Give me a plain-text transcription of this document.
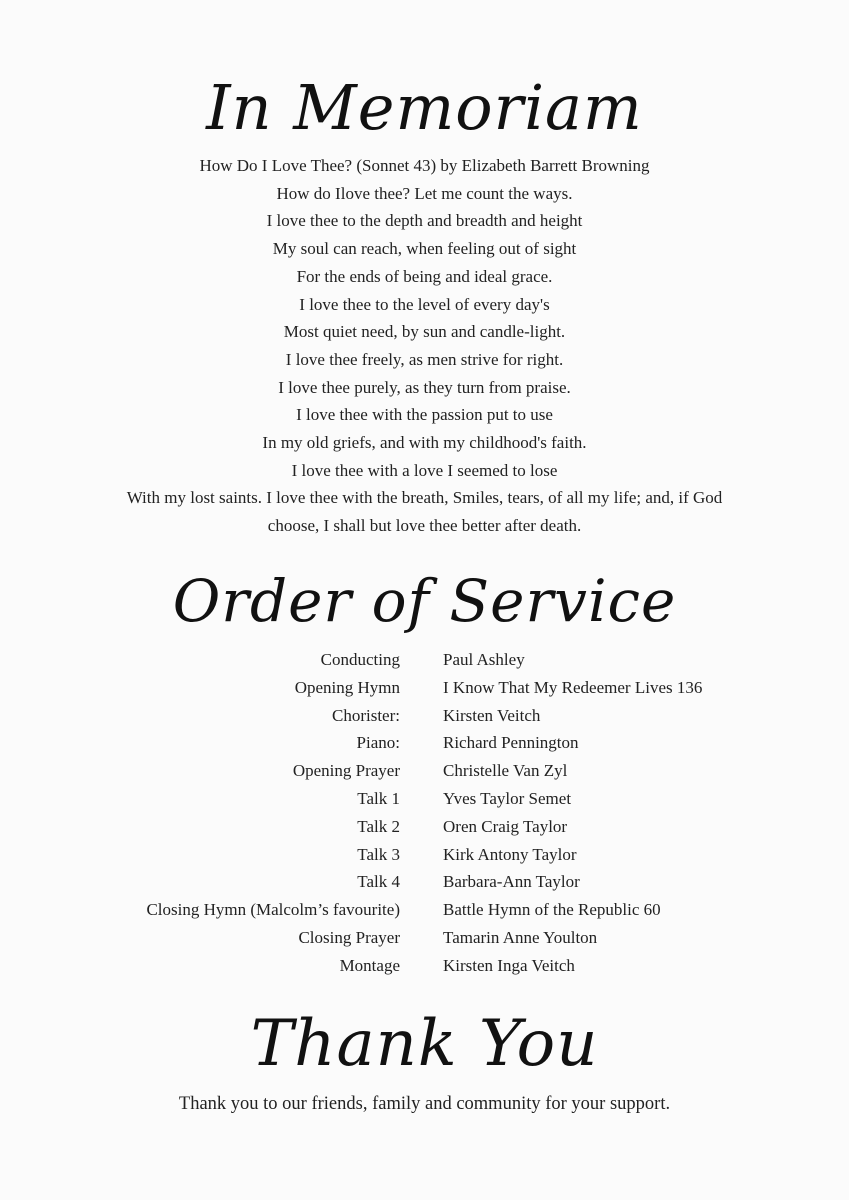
In Memoriam
How Do I Love Thee? (Sonnet 43) by Elizabeth Barrett Browning
How do Ilove thee? Let me count the ways.
I love thee to the depth and breadth and height
My soul can reach, when feeling out of sight
For the ends of being and ideal grace.
I love thee to the level of every day's
Most quiet need, by sun and candle-light.
I love thee freely, as men strive for right.
I love thee purely, as they turn from praise.
I love thee with the passion put to use
In my old griefs, and with my childhood's faith.
I love thee with a love I seemed to lose
With my lost saints. I love thee with the breath, Smiles, tears, of all my life; and, if God
choose, I shall but love thee better after death.
Order of Service
Conducting	Paul Ashley
Opening Hymn	I Know That My Redeemer Lives 136
Chorister:	Kirsten Veitch
Piano:	Richard Pennington
Opening Prayer	Christelle Van Zyl
Talk 1	Yves Taylor Semet
Talk 2	Oren Craig Taylor
Talk 3	Kirk Antony Taylor
Talk 4	Barbara-Ann Taylor
Closing Hymn (Malcolm’s favourite)	Battle Hymn of the Republic 60
Closing Prayer	Tamarin Anne Youlton
Montage	Kirsten Inga Veitch
Thank You
Thank you to our friends, family and community for your support.
